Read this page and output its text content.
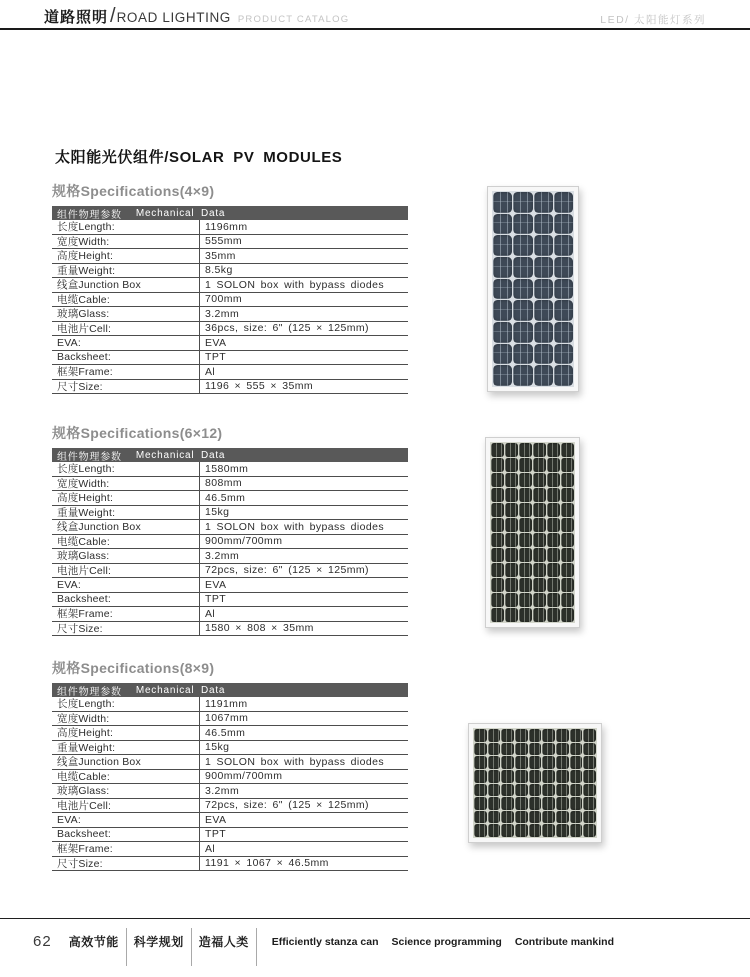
道路照明 / ROAD LIGHTING PRODUCT CATALOG	LED/ 太阳能灯系列
太阳能光伏组件/SOLAR PV MODULES
规格Specifications(4×9)
组件物理参数 Mechanical Data
长度Length:	1196mm
宽度Width:	555mm
高度Height:	35mm
重量Weight:	8.5kg
线盒Junction Box	1 SOLON box with bypass diodes
电缆Cable:	700mm
玻璃Glass:	3.2mm
电池片Cell:	36pcs, size: 6" (125 × 125mm)
EVA:	EVA
Backsheet:	TPT
框架Frame:	Al
尺寸Size:	1196 × 555 × 35mm
规格Specifications(6×12)
组件物理参数 Mechanical Data
长度Length:	1580mm
宽度Width:	808mm
高度Height:	46.5mm
重量Weight:	15kg
线盒Junction Box	1 SOLON box with bypass diodes
电缆Cable:	900mm/700mm
玻璃Glass:	3.2mm
电池片Cell:	72pcs, size: 6" (125 × 125mm)
EVA:	EVA
Backsheet:	TPT
框架Frame:	Al
尺寸Size:	1580 × 808 × 35mm
规格Specifications(8×9)
组件物理参数 Mechanical Data
长度Length:	1191mm
宽度Width:	1067mm
高度Height:	46.5mm
重量Weight:	15kg
线盒Junction Box	1 SOLON box with bypass diodes
电缆Cable:	900mm/700mm
玻璃Glass:	3.2mm
电池片Cell:	72pcs, size: 6" (125 × 125mm)
EVA:	EVA
Backsheet:	TPT
框架Frame:	Al
尺寸Size:	1191 × 1067 × 46.5mm
62	高效节能	科学规划	造福人类	Efficiently stanza can Science programming Contribute mankind
